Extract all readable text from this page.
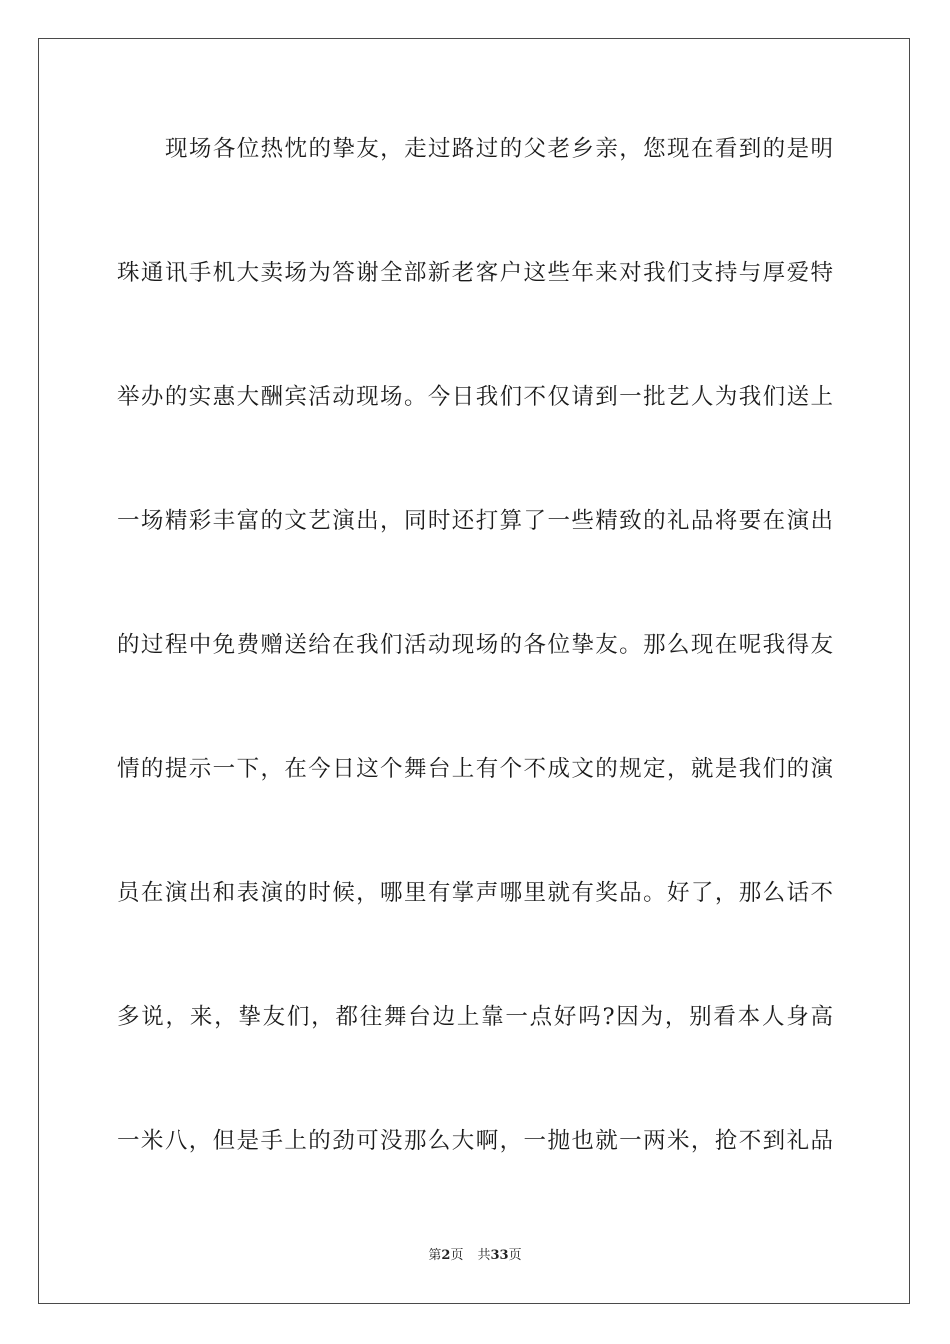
现场各位热忱的挚友，走过路过的父老乡亲，您现在看到的是明
珠通讯手机大卖场为答谢全部新老客户这些年来对我们支持与厚爱特
举办的实惠大酬宾活动现场。今日我们不仅请到一批艺人为我们送上
一场精彩丰富的文艺演出，同时还打算了一些精致的礼品将要在演出
的过程中免费赠送给在我们活动现场的各位挚友。那么现在呢我得友
情的提示一下，在今日这个舞台上有个不成文的规定，就是我们的演
员在演出和表演的时候，哪里有掌声哪里就有奖品。好了，那么话不
多说，来，挚友们，都往舞台边上靠一点好吗?因为，别看本人身高
一米八，但是手上的劲可没那么大啊，一抛也就一两米，抢不到礼品
第2页 共33页
